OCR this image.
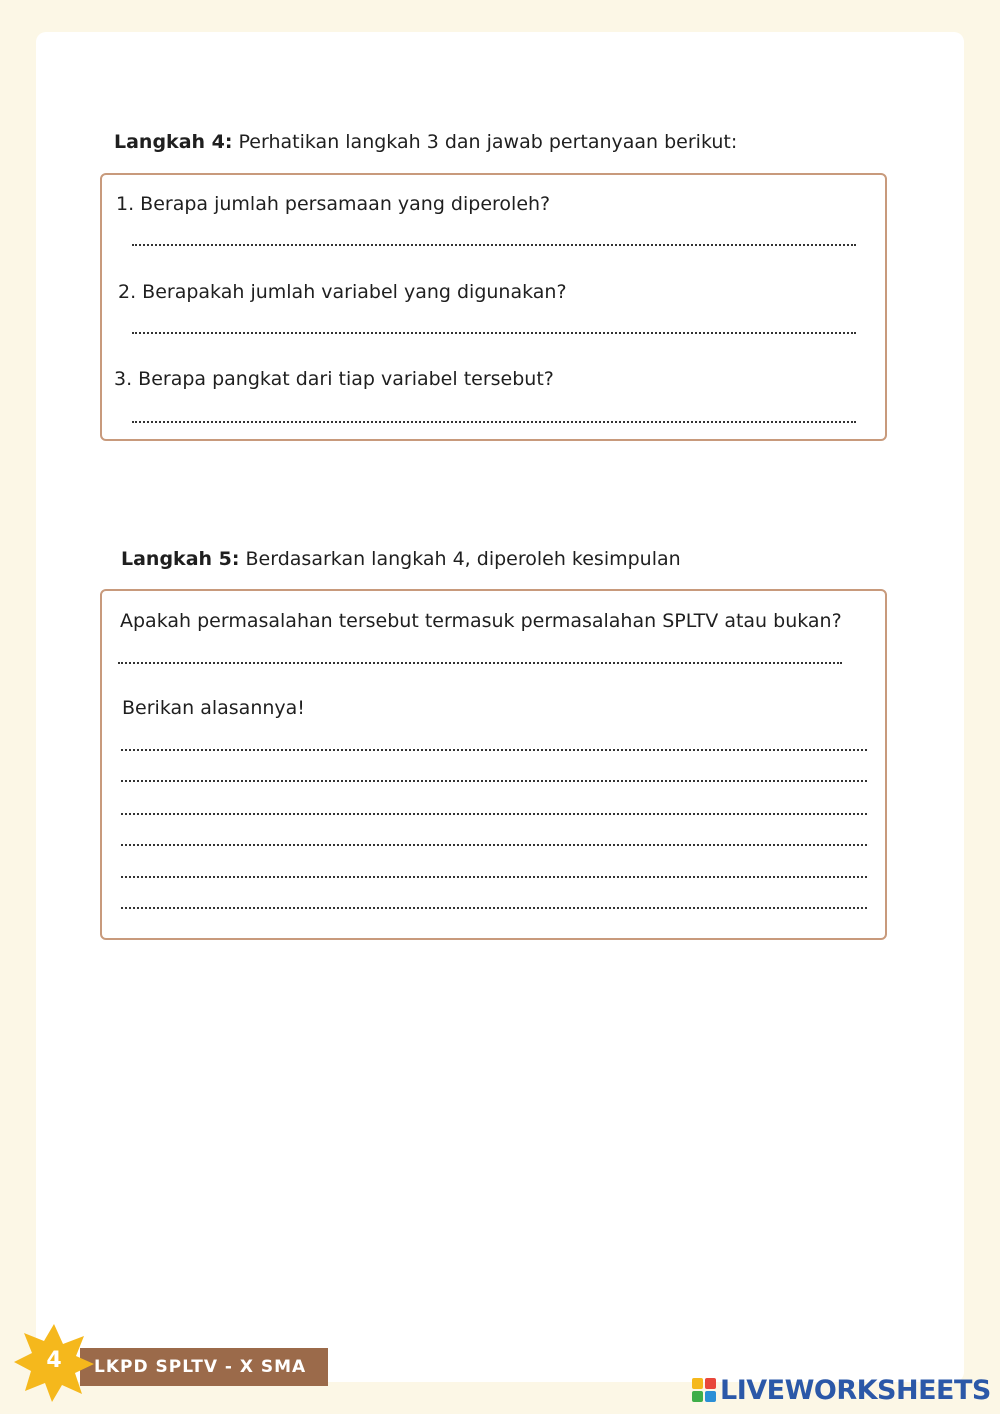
Langkah 4: Perhatikan langkah 3 dan jawab pertanyaan berikut:
1. Berapa jumlah persamaan yang diperoleh?
2. Berapakah jumlah variabel yang digunakan?
3. Berapa pangkat dari tiap variabel tersebut?
Langkah 5: Berdasarkan langkah 4, diperoleh kesimpulan
Apakah permasalahan tersebut termasuk permasalahan SPLTV atau bukan?
Berikan alasannya!
LKPD SPLTV - X SMA
4
LIVEWORKSHEETS
